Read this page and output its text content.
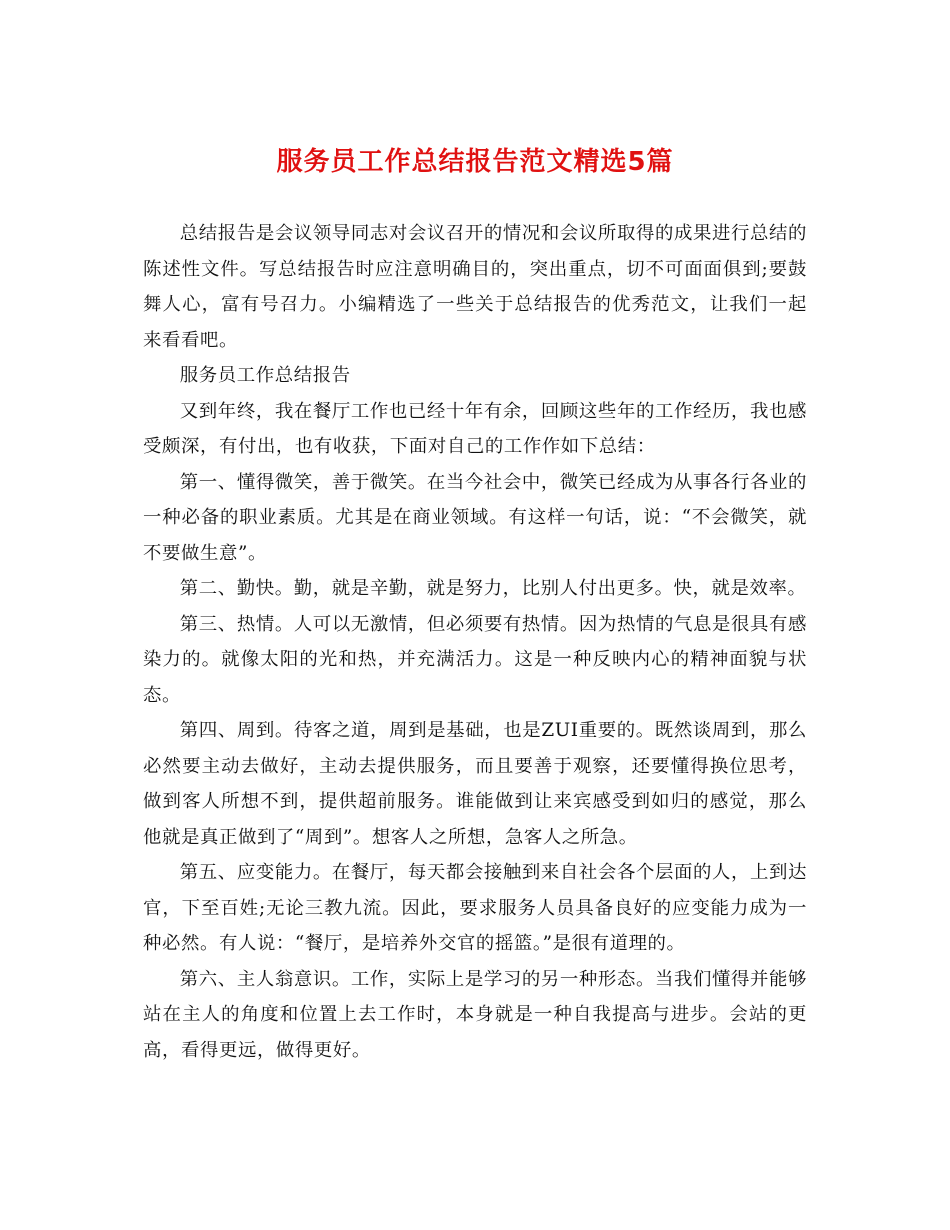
服务员工作总结报告范文精选5篇

总结报告是会议领导同志对会议召开的情况和会议所取得的成果进行总结的陈述性文件。写总结报告时应注意明确目的，突出重点，切不可面面俱到;要鼓舞人心，富有号召力。小编精选了一些关于总结报告的优秀范文，让我们一起来看看吧。

服务员工作总结报告

又到年终，我在餐厅工作也已经十年有余，回顾这些年的工作经历，我也感受颇深，有付出，也有收获，下面对自己的工作作如下总结：

第一、懂得微笑，善于微笑。在当今社会中，微笑已经成为从事各行各业的一种必备的职业素质。尤其是在商业领域。有这样一句话，说：“不会微笑，就不要做生意”。

第二、勤快。勤，就是辛勤，就是努力，比别人付出更多。快，就是效率。

第三、热情。人可以无激情，但必须要有热情。因为热情的气息是很具有感染力的。就像太阳的光和热，并充满活力。这是一种反映内心的精神面貌与状态。

第四、周到。待客之道，周到是基础，也是ZUI重要的。既然谈周到，那么必然要主动去做好，主动去提供服务，而且要善于观察，还要懂得换位思考，做到客人所想不到，提供超前服务。谁能做到让来宾感受到如归的感觉，那么他就是真正做到了“周到”。想客人之所想，急客人之所急。

第五、应变能力。在餐厅，每天都会接触到来自社会各个层面的人，上到达官，下至百姓;无论三教九流。因此，要求服务人员具备良好的应变能力成为一种必然。有人说：“餐厅，是培养外交官的摇篮。”是很有道理的。

第六、主人翁意识。工作，实际上是学习的另一种形态。当我们懂得并能够站在主人的角度和位置上去工作时，本身就是一种自我提高与进步。会站的更高，看得更远，做得更好。
